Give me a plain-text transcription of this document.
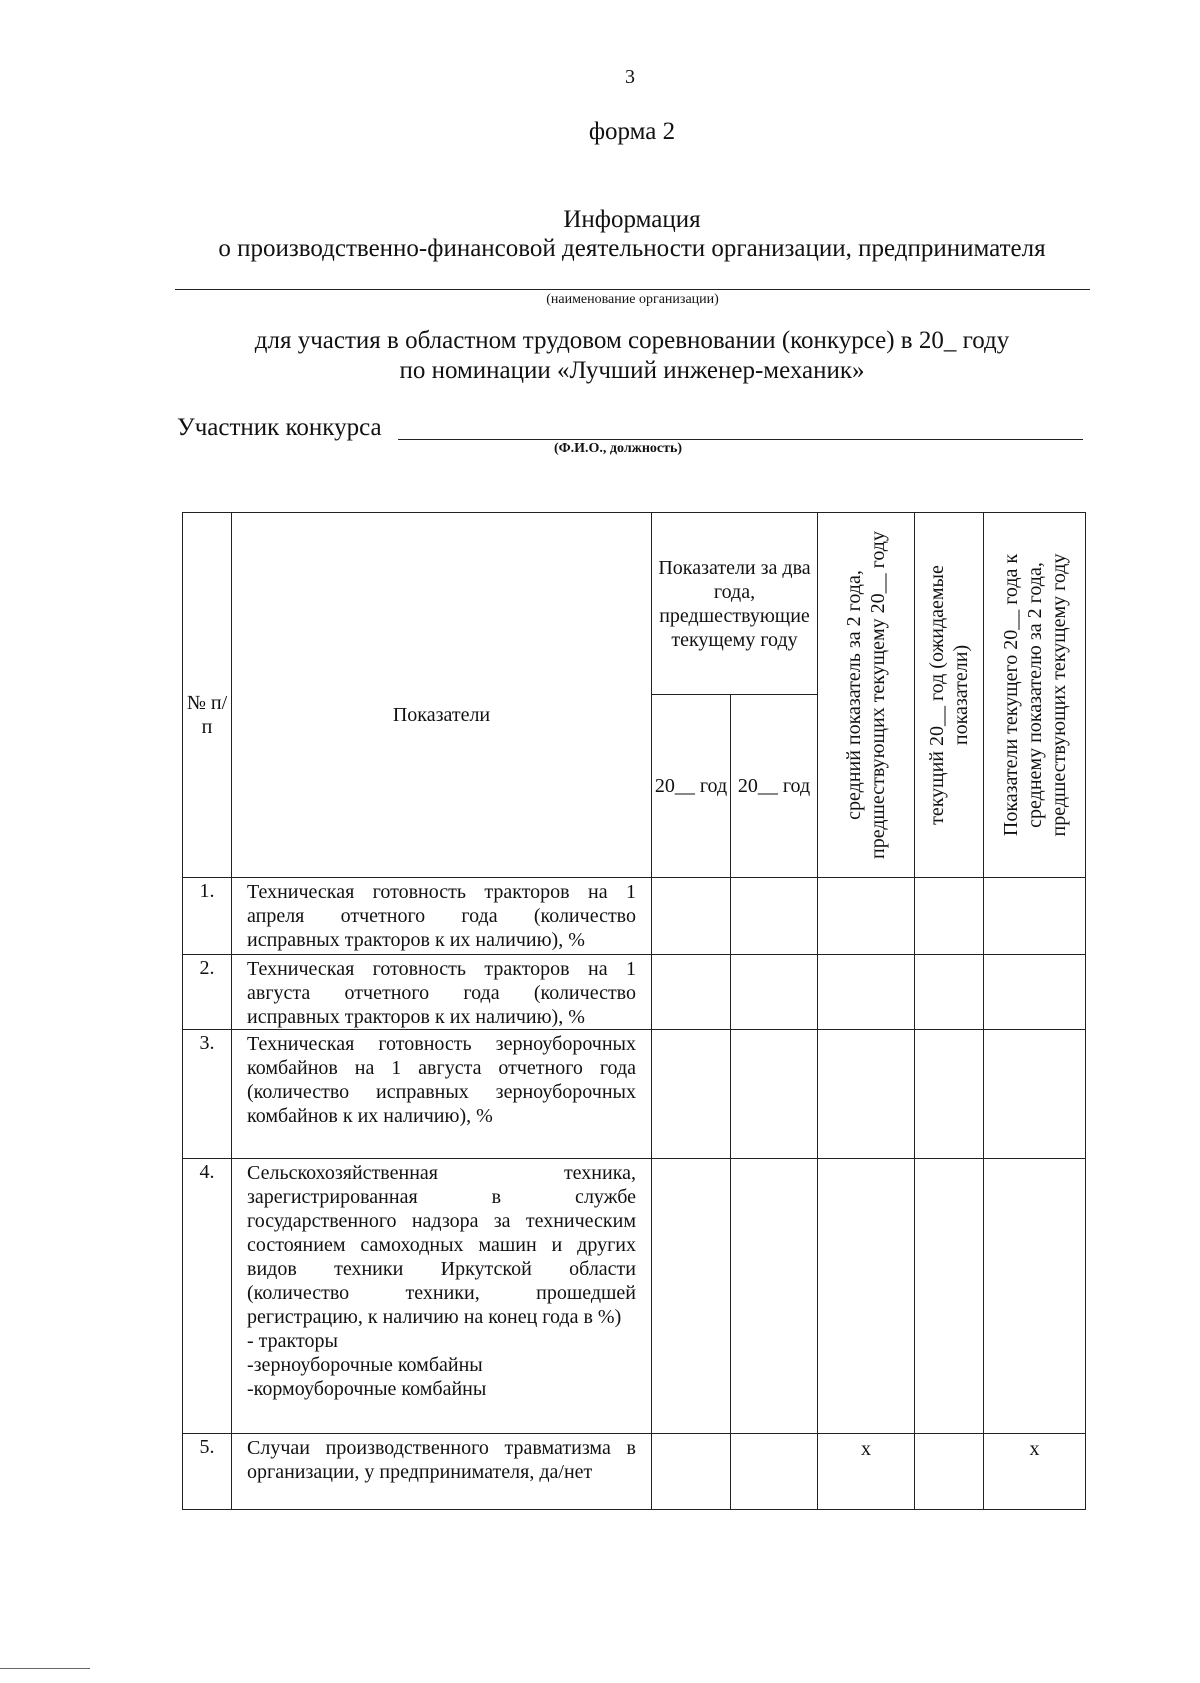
3
форма 2
Информация
о производственно-финансовой деятельности организации, предпринимателя
(наименование организации)
для участия в областном трудовом соревновании (конкурсе) в 20_ году
по номинации «Лучший инженер-механик»
Участник конкурса
(Ф.И.О., должность)
№ п/п	Показатели	Показатели за два года, предшествующие текущему году		средний показатель за 2 года, предшествующих текущему 20__ году	текущий 20__ год (ожидаемые показатели)	Показатели текущего 20__ года к среднему показателю за 2 года, предшествующих текущему году

		20__ год	20__ год			
1.	Техническая готовность тракторов на 1 апреля отчетного года (количество исправных тракторов к их наличию), %					
2.	Техническая готовность тракторов на 1 августа отчетного года (количество исправных тракторов к их наличию), %					
3.	Техническая готовность зерноуборочных комбайнов на 1 августа отчетного года (количество исправных зерноуборочных комбайнов к их наличию), %					
4.	Сельскохозяйственная техника, зарегистрированная в службе государственного надзора за техническим состоянием самоходных машин и других видов техники Иркутской области (количество техники, прошедшей регистрацию, к наличию на конец года в %)
- тракторы
-зерноуборочные комбайны
-кормоуборочные комбайны					

5.	Случаи производственного травматизма в организации, у предпринимателя, да/нет			х		х
